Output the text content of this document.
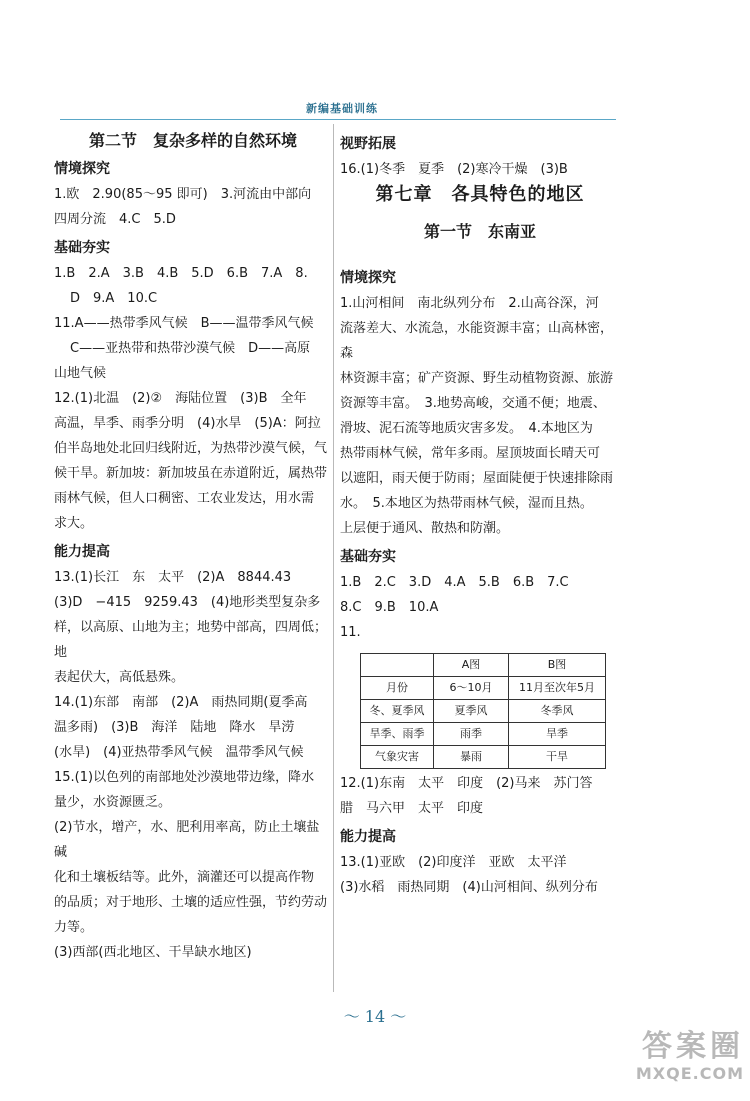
新编基础训练

第二节　复杂多样的自然环境

情境探究

1.欧　2.90(85～95 即可)　3.河流由中部向

四周分流　4.C　5.D

基础夯实

1.B　2.A　3.B　4.B　5.D　6.B　7.A　8.

D　9.A　10.C

11.A——热带季风气候　B——温带季风气候

C——亚热带和热带沙漠气候　D——高原

山地气候

12.(1)北温　(2)②　海陆位置　(3)B　全年

高温，旱季、雨季分明　(4)水旱　(5)A：阿拉

伯半岛地处北回归线附近，为热带沙漠气候，气

候干旱。新加坡：新加坡虽在赤道附近，属热带

雨林气候，但人口稠密、工农业发达，用水需

求大。

能力提高

13.(1)长江　东　太平　(2)A　8844.43

(3)D　−415　9259.43　(4)地形类型复杂多

样，以高原、山地为主；地势中部高，四周低；地

表起伏大，高低悬殊。

14.(1)东部　南部　(2)A　雨热同期(夏季高

温多雨)　(3)B　海洋　陆地　降水　旱涝

(水旱)　(4)亚热带季风气候　温带季风气候

15.(1)以色列的南部地处沙漠地带边缘，降水

量少，水资源匮乏。

(2)节水，增产，水、肥利用率高，防止土壤盐碱

化和土壤板结等。此外，滴灌还可以提高作物

的品质；对于地形、土壤的适应性强，节约劳动

力等。

(3)西部(西北地区、干旱缺水地区)

视野拓展

16.(1)冬季　夏季　(2)寒冷干燥　(3)B

第七章　各具特色的地区

第一节　东南亚

情境探究

1.山河相间　南北纵列分布　2.山高谷深，河

流落差大、水流急，水能资源丰富；山高林密，森

林资源丰富；矿产资源、野生动植物资源、旅游

资源等丰富。　3.地势高峻，交通不便；地震、

滑坡、泥石流等地质灾害多发。　4.本地区为

热带雨林气候，常年多雨。屋顶坡面长晴天可

以遮阳，雨天便于防雨；屋面陡便于快速排除雨

水。　5.本地区为热带雨林气候，湿而且热。

上层便于通风、散热和防潮。

基础夯实

1.B　2.C　3.D　4.A　5.B　6.B　7.C

8.C　9.B　10.A

11.

	A图	B图
月份	6～10月	11月至次年5月
冬、夏季风	夏季风	冬季风
旱季、雨季	雨季	旱季
气象灾害	暴雨	干旱

12.(1)东南　太平　印度　(2)马来　苏门答

腊　马六甲　太平　印度

能力提高

13.(1)亚欧　(2)印度洋　亚欧　太平洋

(3)水稻　雨热同期　(4)山河相间、纵列分布

～ 14 ～
答案圈
MXQE.COM
